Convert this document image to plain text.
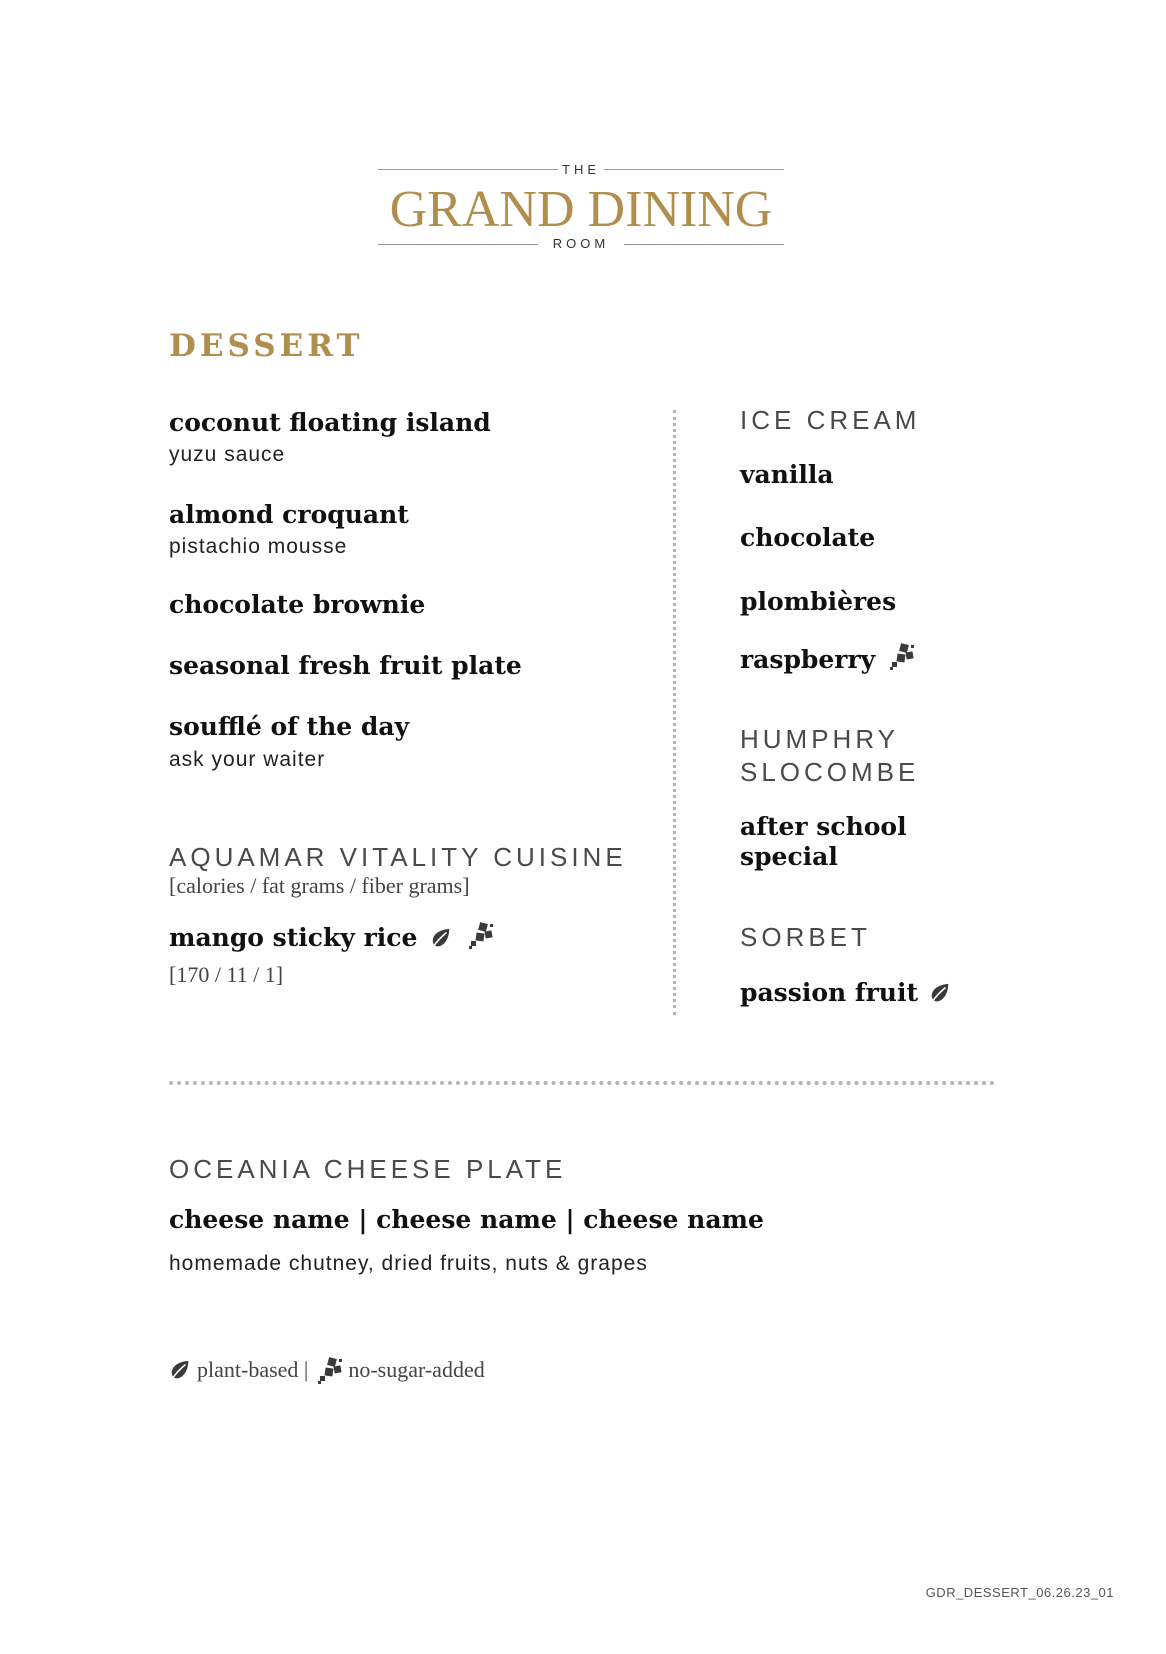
THE
GRAND DINING
ROOM
DESSERT
coconut floating island
yuzu sauce
almond croquant
pistachio mousse
chocolate brownie
seasonal fresh fruit plate
soufflé of the day
ask your waiter
AQUAMAR VITALITY CUISINE
[calories / fat grams / fiber grams]
mango sticky rice
[170 / 11 / 1]
ICE CREAM
vanilla
chocolate
plombières
raspberry
HUMPHRY
SLOCOMBE
after school
special
SORBET
passion fruit
OCEANIA CHEESE PLATE
cheese name | cheese name | cheese name
homemade chutney, dried fruits, nuts & grapes
plant-based | no-sugar-added
GDR_DESSERT_06.26.23_01
